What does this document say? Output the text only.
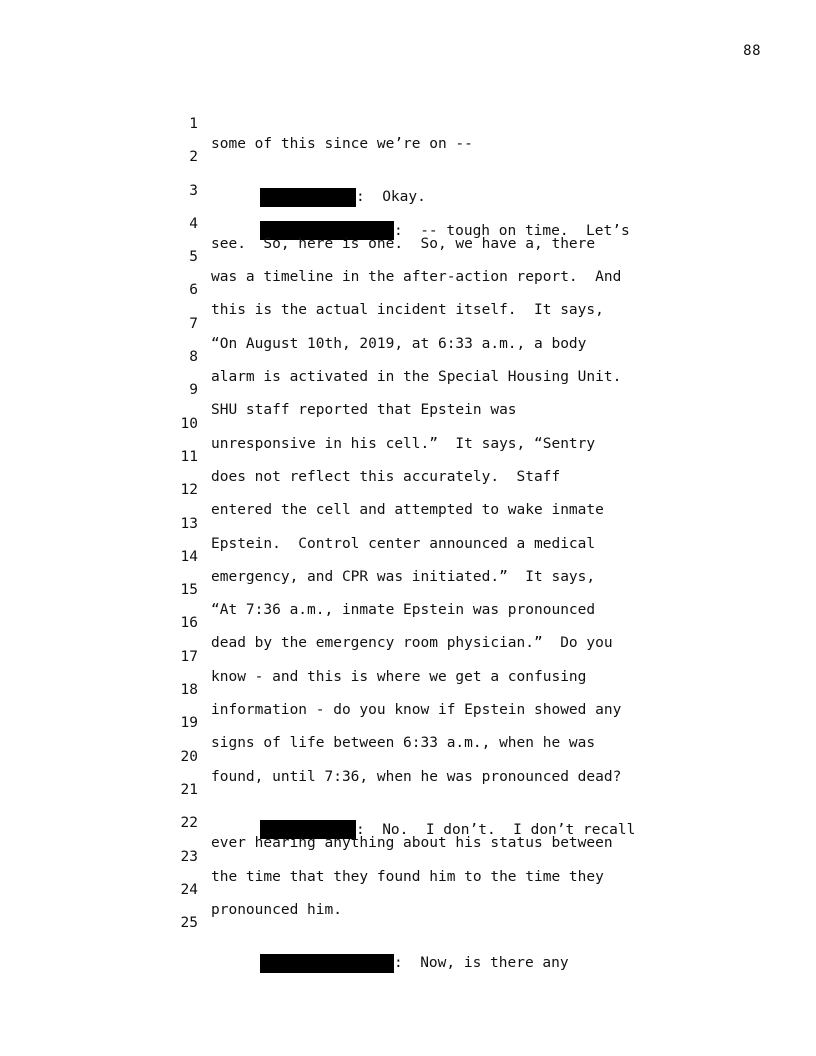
88

1

some of this since we’re on --

2

:  Okay.

3

:  -- tough on time.  Let’s

4

see.  So, here is one.  So, we have a, there

5

was a timeline in the after-action report.  And

6

this is the actual incident itself.  It says,

7

“On August 10th, 2019, at 6:33 a.m., a body

8

alarm is activated in the Special Housing Unit.

9

SHU staff reported that Epstein was

10

unresponsive in his cell.”  It says, “Sentry

11

does not reflect this accurately.  Staff

12

entered the cell and attempted to wake inmate

13

Epstein.  Control center announced a medical

14

emergency, and CPR was initiated.”  It says,

15

“At 7:36 a.m., inmate Epstein was pronounced

16

dead by the emergency room physician.”  Do you

17

know - and this is where we get a confusing

18

information - do you know if Epstein showed any

19

signs of life between 6:33 a.m., when he was

20

found, until 7:36, when he was pronounced dead?

21

:  No.  I don’t.  I don’t recall

22

ever hearing anything about his status between

23

the time that they found him to the time they

24

pronounced him.

25

:  Now, is there any
